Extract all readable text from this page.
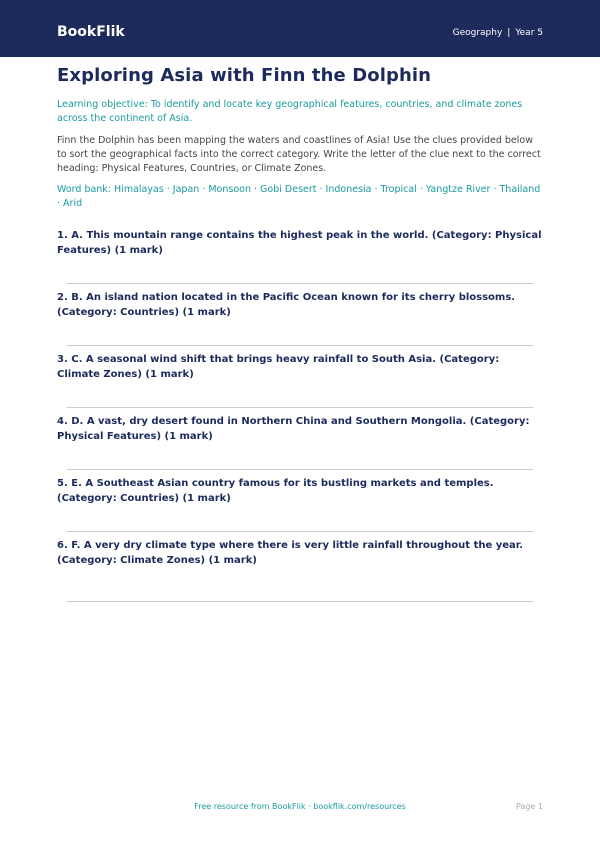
BookFlik	Geography | Year 5
Exploring Asia with Finn the Dolphin

Learning objective: To identify and locate key geographical features, countries, and climate zones across the continent of Asia.

Finn the Dolphin has been mapping the waters and coastlines of Asia! Use the clues provided below to sort the geographical facts into the correct category. Write the letter of the clue next to the correct heading: Physical Features, Countries, or Climate Zones.

Word bank: Himalayas · Japan · Monsoon · Gobi Desert · Indonesia · Tropical · Yangtze River · Thailand · Arid

1. A. This mountain range contains the highest peak in the world. (Category: Physical Features) (1 mark)
2. B. An island nation located in the Pacific Ocean known for its cherry blossoms. (Category: Countries) (1 mark)
3. C. A seasonal wind shift that brings heavy rainfall to South Asia. (Category: Climate Zones) (1 mark)
4. D. A vast, dry desert found in Northern China and Southern Mongolia. (Category: Physical Features) (1 mark)
5. E. A Southeast Asian country famous for its bustling markets and temples. (Category: Countries) (1 mark)
6. F. A very dry climate type where there is very little rainfall throughout the year. (Category: Climate Zones) (1 mark)
Free resource from BookFlik · bookflik.com/resources	Page 1
